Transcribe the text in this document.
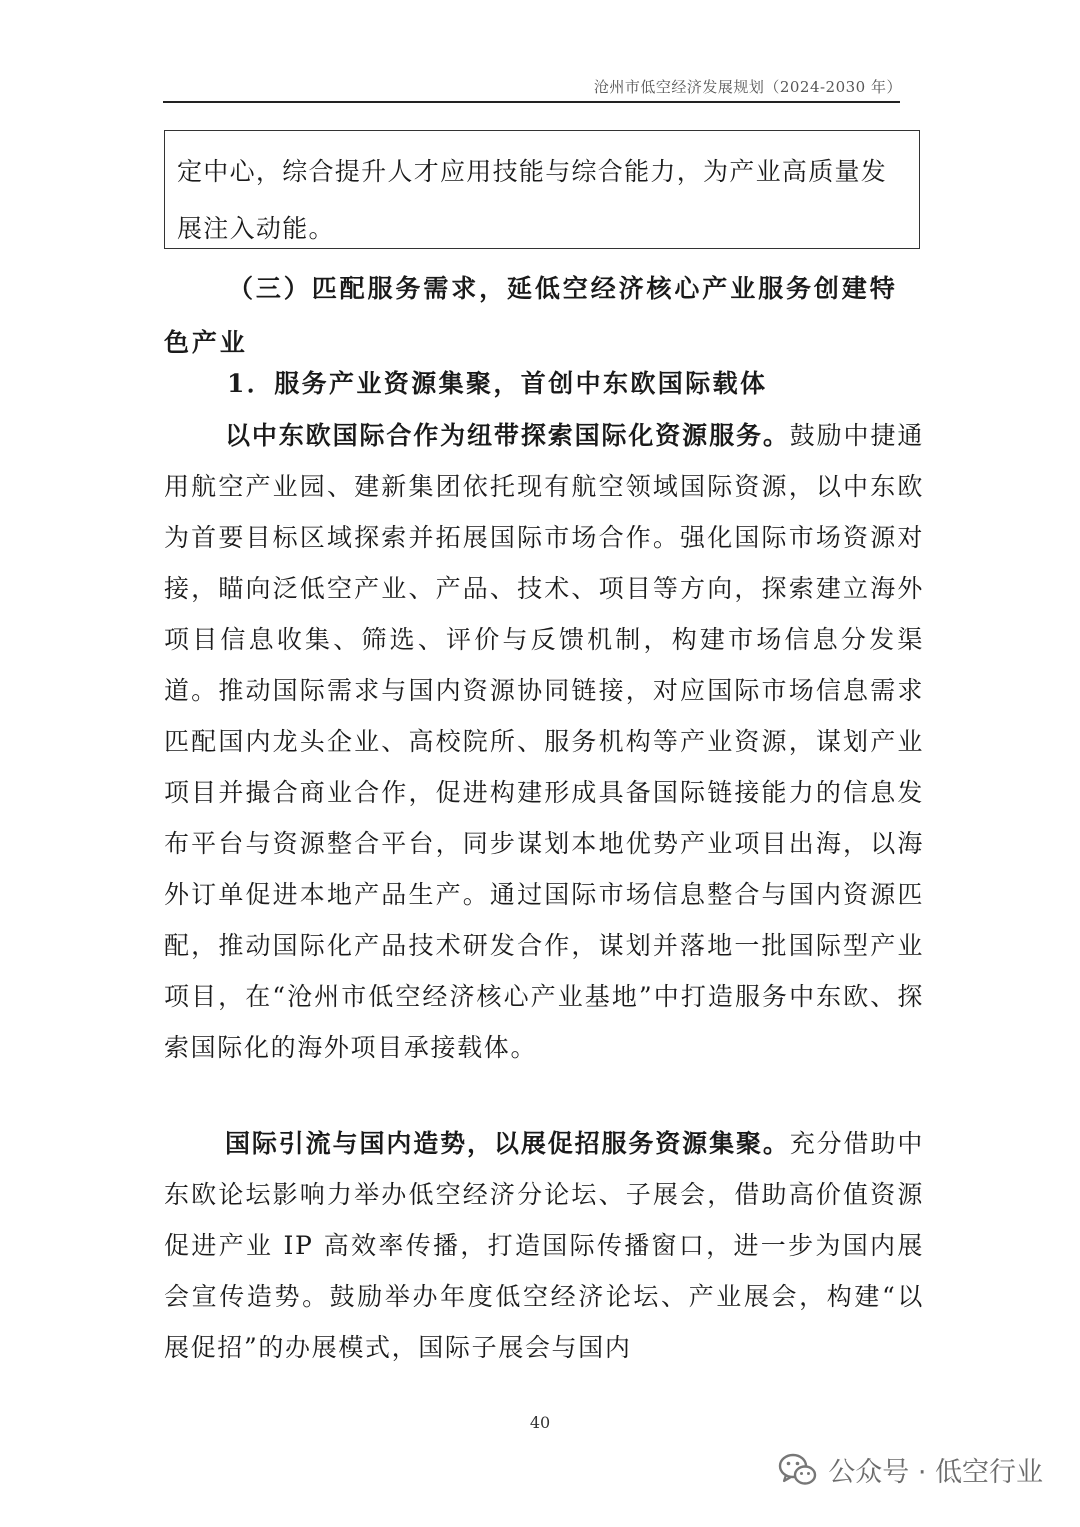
沧州市低空经济发展规划（2024-2030 年）

定中心，综合提升人才应用技能与综合能力，为产业高质量发展注入动能。

（三）匹配服务需求，延低空经济核心产业服务创建特色产业
1．服务产业资源集聚，首创中东欧国际载体

以中东欧国际合作为纽带探索国际化资源服务。鼓励中捷通用航空产业园、建新集团依托现有航空领域国际资源，以中东欧为首要目标区域探索并拓展国际市场合作。强化国际市场资源对接，瞄向泛低空产业、产品、技术、项目等方向，探索建立海外项目信息收集、筛选、评价与反馈机制，构建市场信息分发渠道。推动国际需求与国内资源协同链接，对应国际市场信息需求匹配国内龙头企业、高校院所、服务机构等产业资源，谋划产业项目并撮合商业合作，促进构建形成具备国际链接能力的信息发布平台与资源整合平台，同步谋划本地优势产业项目出海，以海外订单促进本地产品生产。通过国际市场信息整合与国内资源匹配，推动国际化产品技术研发合作，谋划并落地一批国际型产业项目，在“沧州市低空经济核心产业基地”中打造服务中东欧、探索国际化的海外项目承接载体。

国际引流与国内造势，以展促招服务资源集聚。充分借助中东欧论坛影响力举办低空经济分论坛、子展会，借助高价值资源促进产业 IP 高效率传播，打造国际传播窗口，进一步为国内展会宣传造势。鼓励举办年度低空经济论坛、产业展会，构建“以展促招”的办展模式，国际子展会与国内

40
公众号 · 低空行业
